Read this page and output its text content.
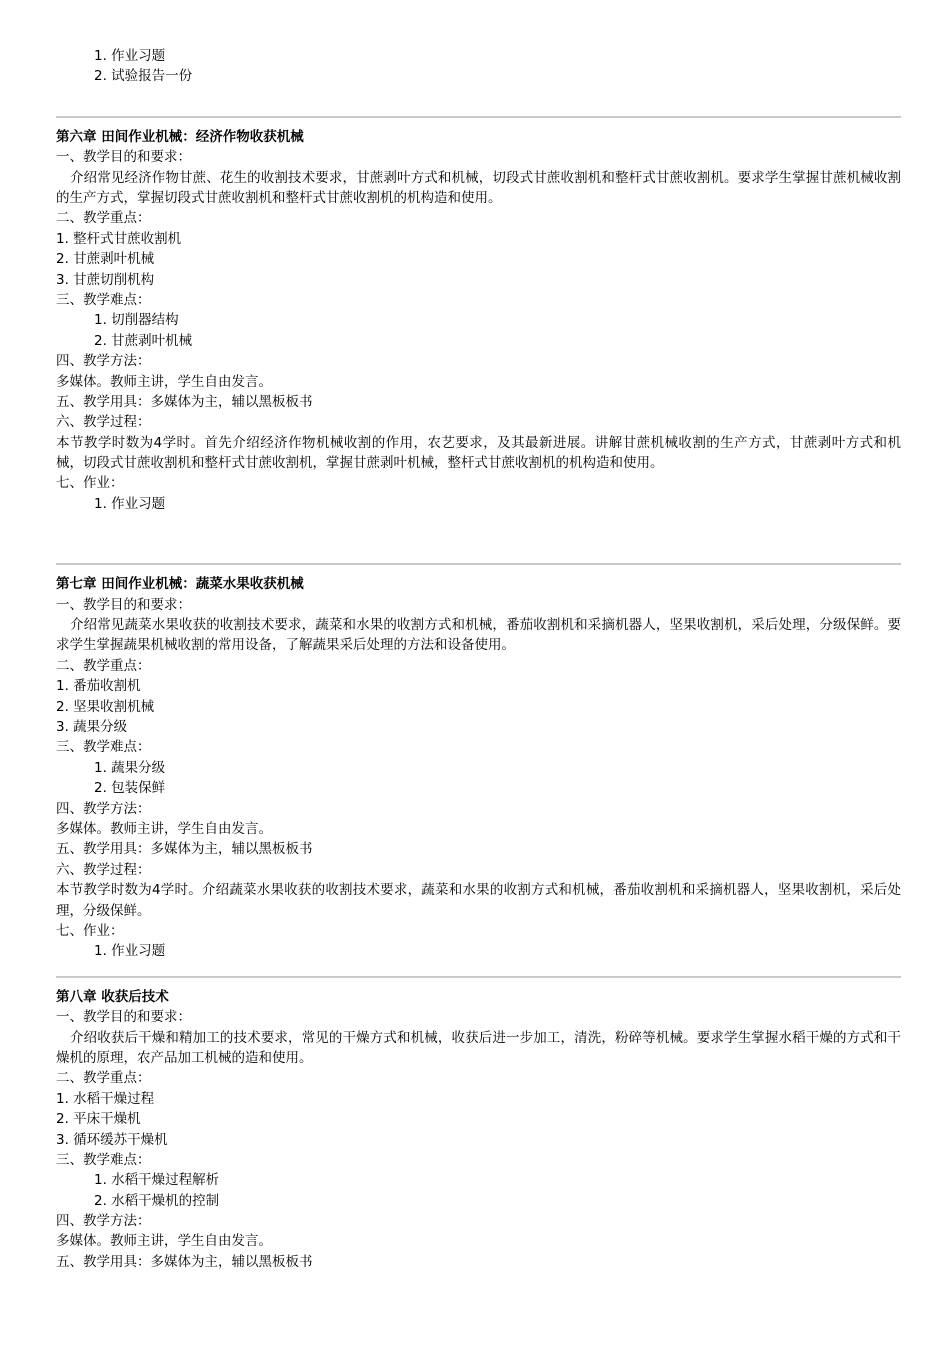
1. 作业习题
2. 试验报告一份
第六章 田间作业机械：经济作物收获机械
一、教学目的和要求：
介绍常见经济作物甘蔗、花生的收割技术要求，甘蔗剥叶方式和机械，切段式甘蔗收割机和整杆式甘蔗收割机。要求学生掌握甘蔗机械收割的生产方式，掌握切段式甘蔗收割机和整杆式甘蔗收割机的机构造和使用。
二、教学重点：
1. 整杆式甘蔗收割机
2. 甘蔗剥叶机械
3. 甘蔗切削机构
三、教学难点：
1. 切削器结构
2. 甘蔗剥叶机械
四、教学方法：
多媒体。教师主讲，学生自由发言。
五、教学用具：多媒体为主，辅以黑板板书
六、教学过程：
本节教学时数为4学时。首先介绍经济作物机械收割的作用，农艺要求，及其最新进展。讲解甘蔗机械收割的生产方式，甘蔗剥叶方式和机械，切段式甘蔗收割机和整杆式甘蔗收割机，掌握甘蔗剥叶机械，整杆式甘蔗收割机的机构造和使用。
七、作业：
1. 作业习题
第七章 田间作业机械：蔬菜水果收获机械
一、教学目的和要求：
介绍常见蔬菜水果收获的收割技术要求，蔬菜和水果的收割方式和机械，番茄收割机和采摘机器人，坚果收割机，采后处理，分级保鲜。要求学生掌握蔬果机械收割的常用设备，了解蔬果采后处理的方法和设备使用。
二、教学重点：
1. 番茄收割机
2. 坚果收割机械
3. 蔬果分级
三、教学难点：
1. 蔬果分级
2. 包装保鲜
四、教学方法：
多媒体。教师主讲，学生自由发言。
五、教学用具：多媒体为主，辅以黑板板书
六、教学过程：
本节教学时数为4学时。介绍蔬菜水果收获的收割技术要求，蔬菜和水果的收割方式和机械，番茄收割机和采摘机器人，坚果收割机，采后处理，分级保鲜。
七、作业：
1. 作业习题
第八章 收获后技术
一、教学目的和要求：
介绍收获后干燥和精加工的技术要求，常见的干燥方式和机械，收获后进一步加工，清洗，粉碎等机械。要求学生掌握水稻干燥的方式和干燥机的原理，农产品加工机械的造和使用。
二、教学重点：
1. 水稻干燥过程
2. 平床干燥机
3. 循环缓苏干燥机
三、教学难点：
1. 水稻干燥过程解析
2. 水稻干燥机的控制
四、教学方法：
多媒体。教师主讲，学生自由发言。
五、教学用具：多媒体为主，辅以黑板板书
